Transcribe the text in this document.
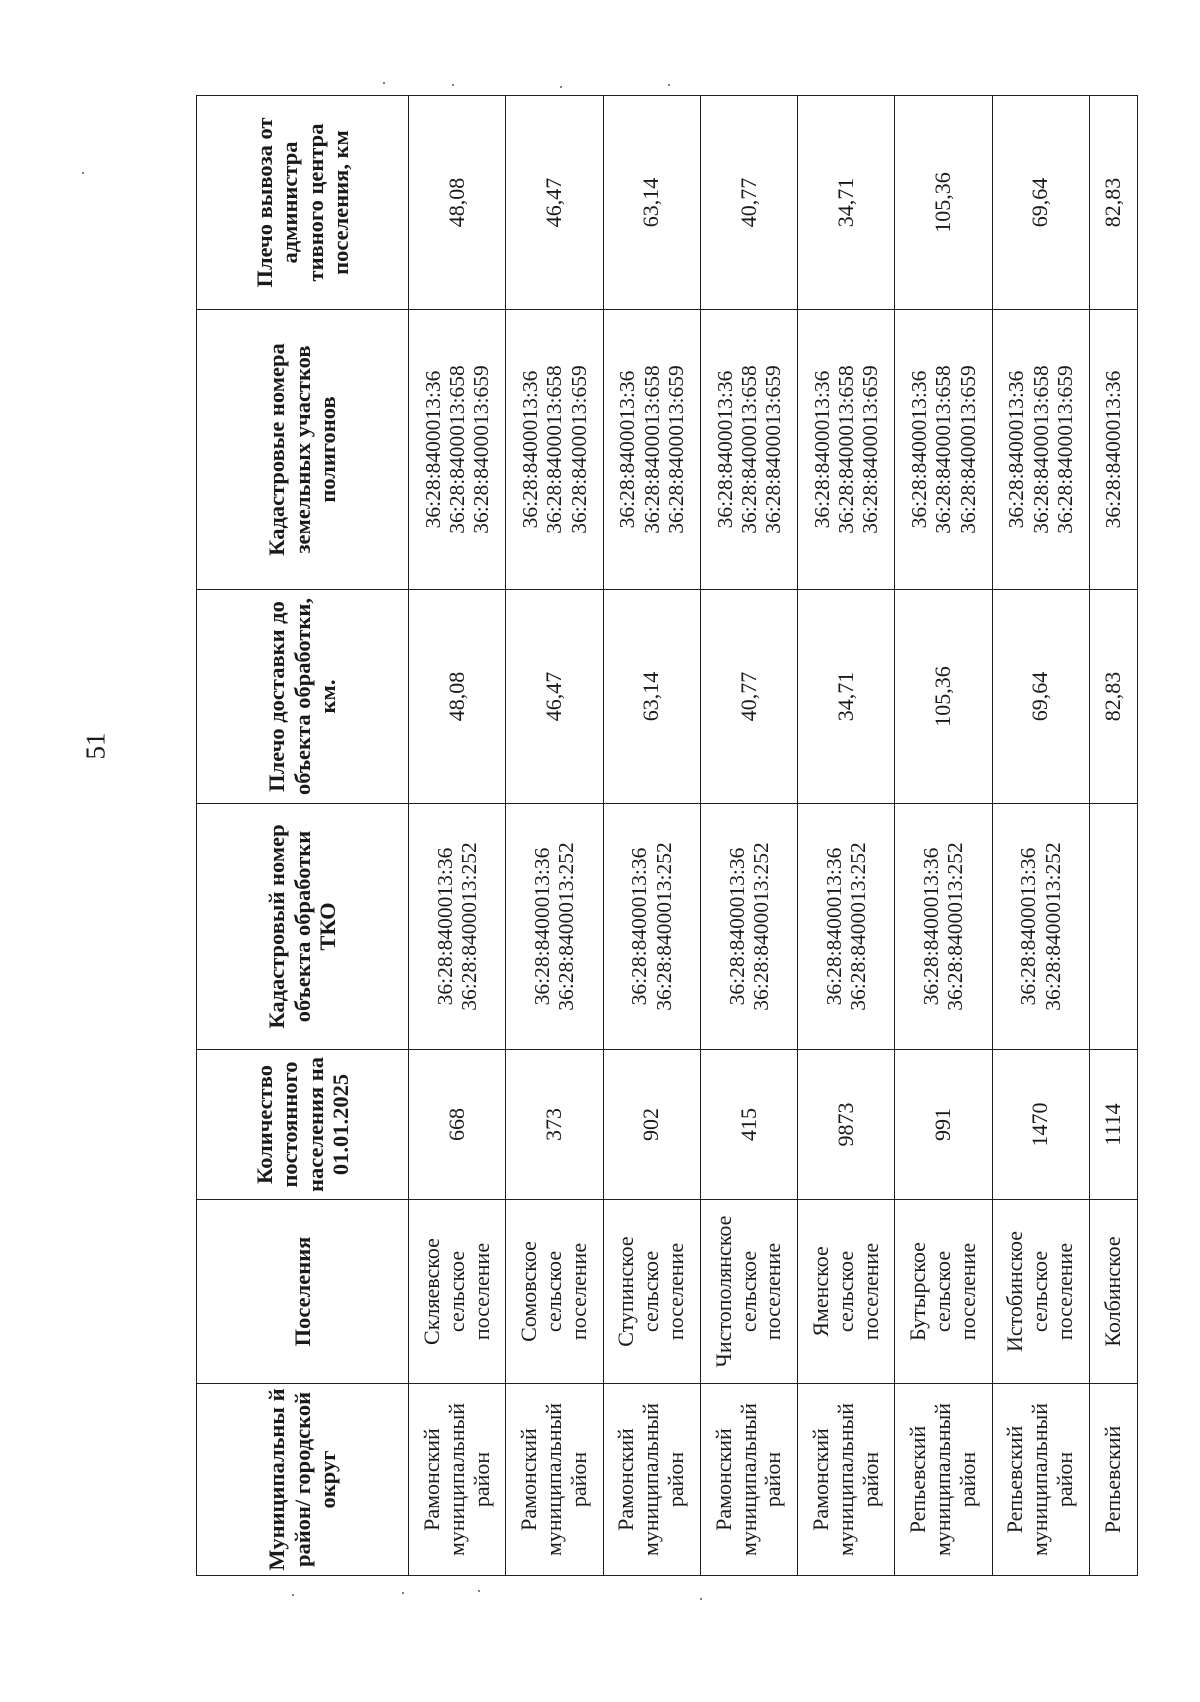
51
Муниципальны й район/ городской округ	Поселения	Количество постоянного населения на 01.01.2025	Кадастровый номер объекта обработки ТКО	Плечо доставки до объекта обработки, км.	Кадастровые номера земельных участков полигонов	Плечо вывоза от администра тивного центра поселения, км
Рамонский муниципальный район	Скляевское сельское поселение	668	36:28:8400013:36 36:28:8400013:252	48,08	36:28:8400013:36 36:28:8400013:658 36:28:8400013:659	48,08
Рамонский муниципальный район	Сомовское сельское поселение	373	36:28:8400013:36 36:28:8400013:252	46,47	36:28:8400013:36 36:28:8400013:658 36:28:8400013:659	46,47
Рамонский муниципальный район	Ступинское сельское поселение	902	36:28:8400013:36 36:28:8400013:252	63,14	36:28:8400013:36 36:28:8400013:658 36:28:8400013:659	63,14
Рамонский муниципальный район	Чистополянское сельское поселение	415	36:28:8400013:36 36:28:8400013:252	40,77	36:28:8400013:36 36:28:8400013:658 36:28:8400013:659	40,77
Рамонский муниципальный район	Яменское сельское поселение	9873	36:28:8400013:36 36:28:8400013:252	34,71	36:28:8400013:36 36:28:8400013:658 36:28:8400013:659	34,71
Репьевский муниципальный район	Бутырское сельское поселение	991	36:28:8400013:36 36:28:8400013:252	105,36	36:28:8400013:36 36:28:8400013:658 36:28:8400013:659	105,36
Репьевский муниципальный район	Истобинское сельское поселение	1470	36:28:8400013:36 36:28:8400013:252	69,64	36:28:8400013:36 36:28:8400013:658 36:28:8400013:659	69,64
Репьевский	Колбинское	1114		82,83	36:28:8400013:36	82,83
